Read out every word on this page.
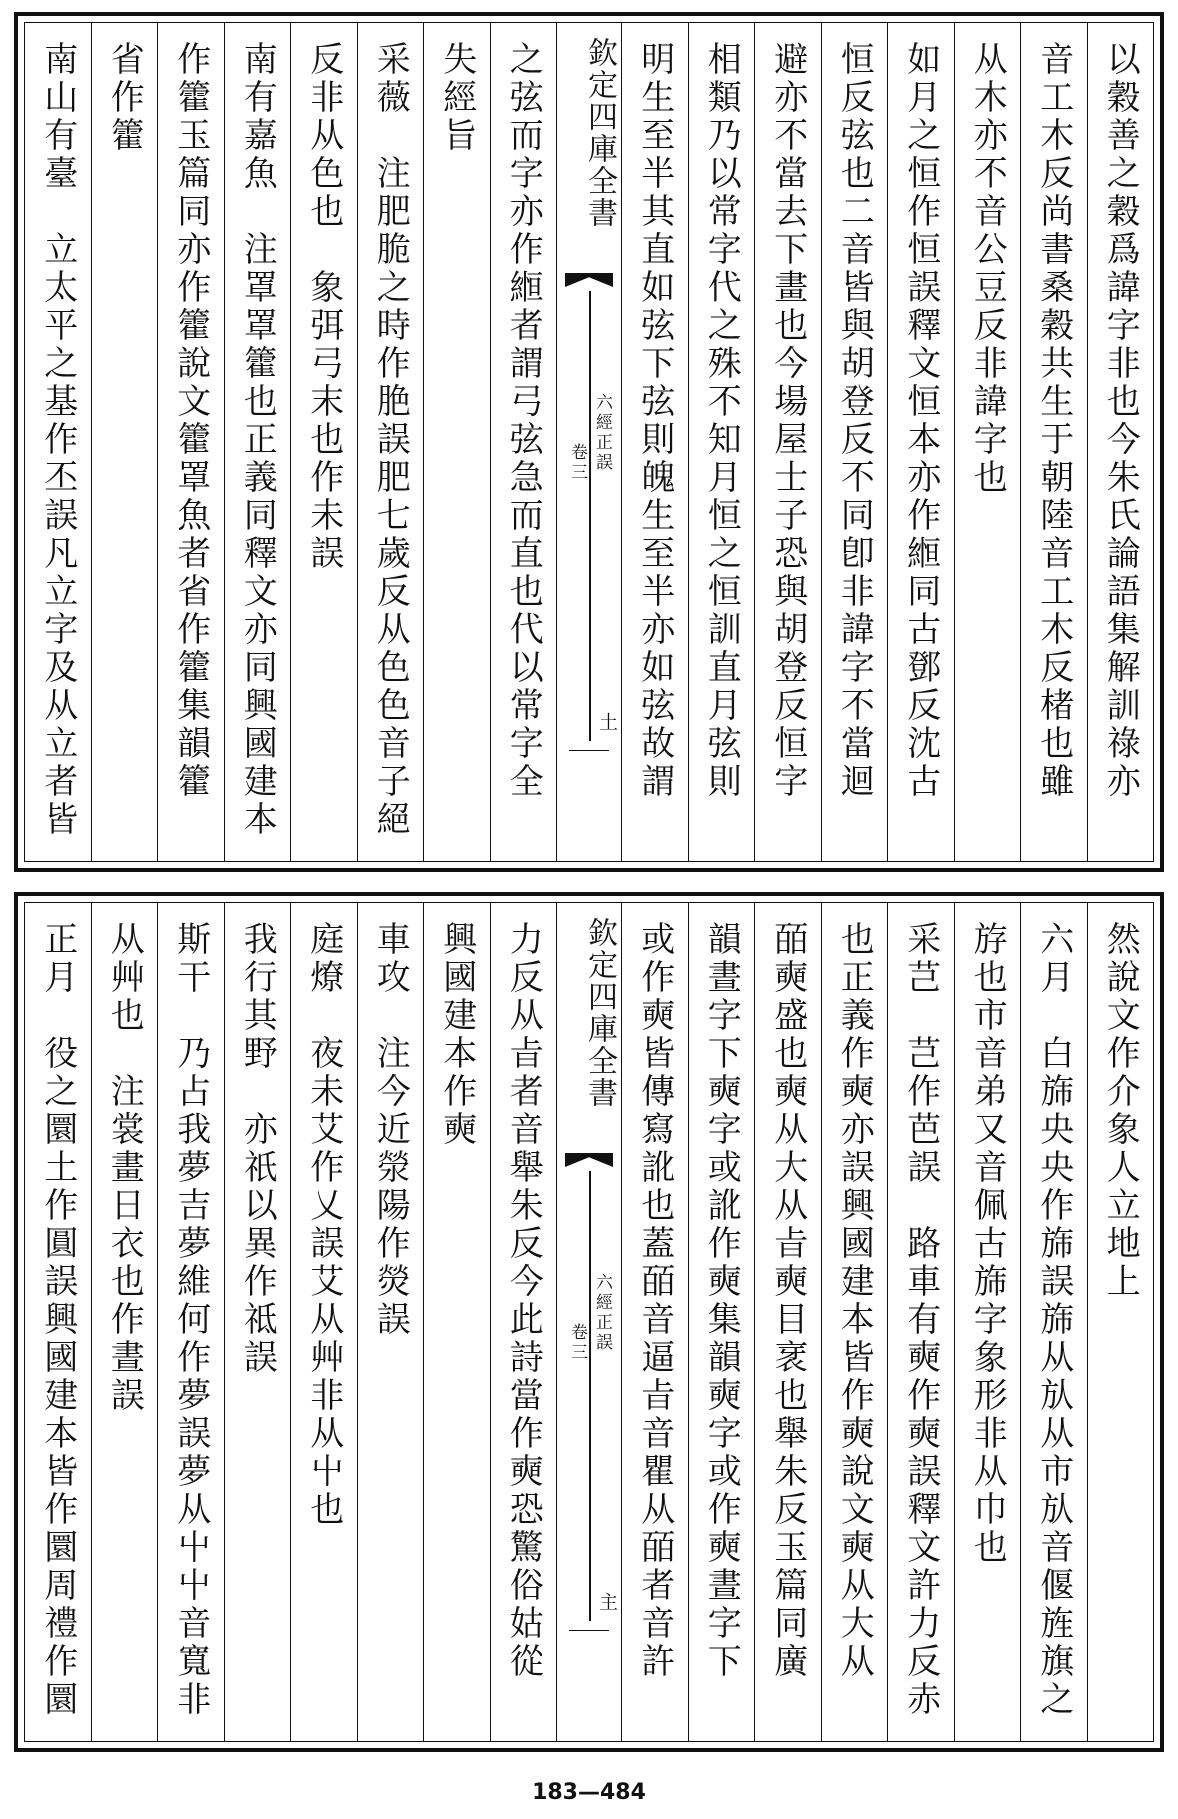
以穀善之穀爲諱字非也今朱氏論語集解訓祿亦
音工木反尚書桑穀共生于朝陸音工木反楮也雖
从木亦不音公豆反非諱字也
如月之恒作恒誤釋文恒本亦作縆同古鄧反沈古
恒反弦也二音皆與胡登反不同卽非諱字不當迴
避亦不當去下畫也今場屋士子恐與胡登反恒字
相類乃以常字代之殊不知月恒之恒訓直月弦則
明生至半其直如弦下弦則魄生至半亦如弦故謂
欽定四庫全書
六經正誤
卷三
土
之弦而字亦作縆者謂弓弦急而直也代以常字全
失經旨
采薇　注肥脆之時作脃誤肥七歲反从色色音子絕
反非从色也　象弭弓末也作未誤
南有嘉魚　注罩罩籗也正義同釋文亦同興國建本
作籗玉篇同亦作籗說文籗罩魚者省作籗集韻籗
省作籗
南山有臺　立太平之基作丕誤凡立字及从立者皆
然說文作介象人立地上
六月　白旆央央作旆誤旆从㫃从市㫃音偃旌旗之
斿也市音弟又音佩古旆字象形非从巾也
采芑　芑作芭誤　路車有奭作奭誤釋文許力反赤
也正義作奭亦誤興國建本皆作奭說文奭从大从
皕奭盛也奭从大从㫖奭目衺也舉朱反玉篇同廣
韻晝字下奭字或訛作奭集韻奭字或作奭晝字下
或作奭皆傳寫訛也蓋皕音逼㫖音瞿从皕者音許
欽定四庫全書
六經正誤
卷三
主
力反从㫖者音舉朱反今此詩當作奭恐驚俗姑從
興國建本作奭
車攻　注今近滎陽作熒誤
庭燎　夜未艾作乂誤艾从艸非从屮也
我行其野　亦祇以異作祗誤
斯干　乃占我夢吉夢維何作夢誤夢从屮屮音寬非
从艸也　注裳畫日衣也作晝誤
正月　役之圜土作圓誤興國建本皆作圜周禮作圜
183—484
